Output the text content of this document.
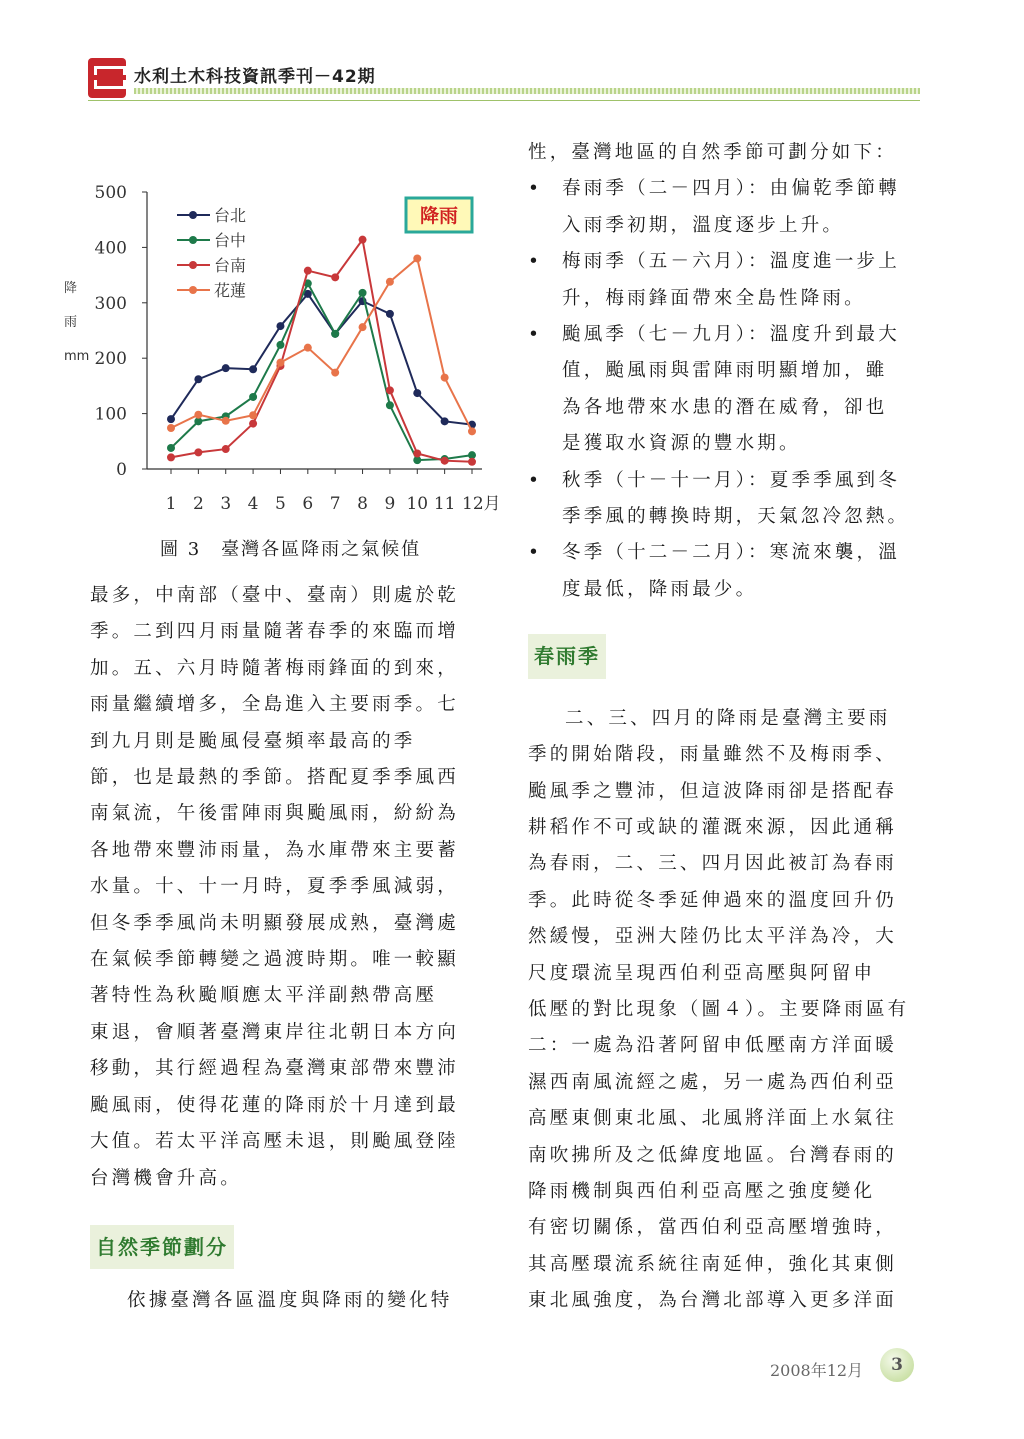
水利土木科技資訊季刊－42期
0
100
200
300
400
500
1 2 3 4 5 6 7 8 9 10 11 12月
台北
台中
台南
花蓮
降雨
降雨 mm
圖 3　臺灣各區降雨之氣候值

最多，中南部（臺中、臺南）則處於乾

季。二到四月雨量隨著春季的來臨而增

加。五、六月時隨著梅雨鋒面的到來，

雨量繼續增多，全島進入主要雨季。七

到九月則是颱風侵臺頻率最高的季

節，也是最熱的季節。搭配夏季季風西

南氣流，午後雷陣雨與颱風雨，紛紛為

各地帶來豐沛雨量，為水庫帶來主要蓄

水量。十、十一月時，夏季季風減弱，

但冬季季風尚未明顯發展成熟，臺灣處

在氣候季節轉變之過渡時期。唯一較顯

著特性為秋颱順應太平洋副熱帶高壓

東退，會順著臺灣東岸往北朝日本方向

移動，其行經過程為臺灣東部帶來豐沛

颱風雨，使得花蓮的降雨於十月達到最

大值。若太平洋高壓未退，則颱風登陸

台灣機會升高。

自然季節劃分

依據臺灣各區溫度與降雨的變化特

性，臺灣地區的自然季節可劃分如下：

•	春雨季（二－四月）：由偏乾季節轉

入雨季初期，溫度逐步上升。

•	梅雨季（五－六月）：溫度進一步上

升，梅雨鋒面帶來全島性降雨。

•	颱風季（七－九月）：溫度升到最大

值，颱風雨與雷陣雨明顯增加，雖

為各地帶來水患的潛在威脅，卻也

是獲取水資源的豐水期。

•	秋季（十－十一月）：夏季季風到冬

季季風的轉換時期，天氣忽冷忽熱。

•	冬季（十二－二月）：寒流來襲，溫

度最低，降雨最少。

春雨季

二、三、四月的降雨是臺灣主要雨

季的開始階段，雨量雖然不及梅雨季、

颱風季之豐沛，但這波降雨卻是搭配春

耕稻作不可或缺的灌溉來源，因此通稱

為春雨，二、三、四月因此被訂為春雨

季。此時從冬季延伸過來的溫度回升仍

然緩慢，亞洲大陸仍比太平洋為冷，大

尺度環流呈現西伯利亞高壓與阿留申

低壓的對比現象（圖４）。主要降雨區有

二：一處為沿著阿留申低壓南方洋面暖

濕西南風流經之處，另一處為西伯利亞

高壓東側東北風、北風將洋面上水氣往

南吹拂所及之低緯度地區。台灣春雨的

降雨機制與西伯利亞高壓之強度變化

有密切關係，當西伯利亞高壓增強時，

其高壓環流系統往南延伸，強化其東側

東北風強度，為台灣北部導入更多洋面

2008年12月	3
